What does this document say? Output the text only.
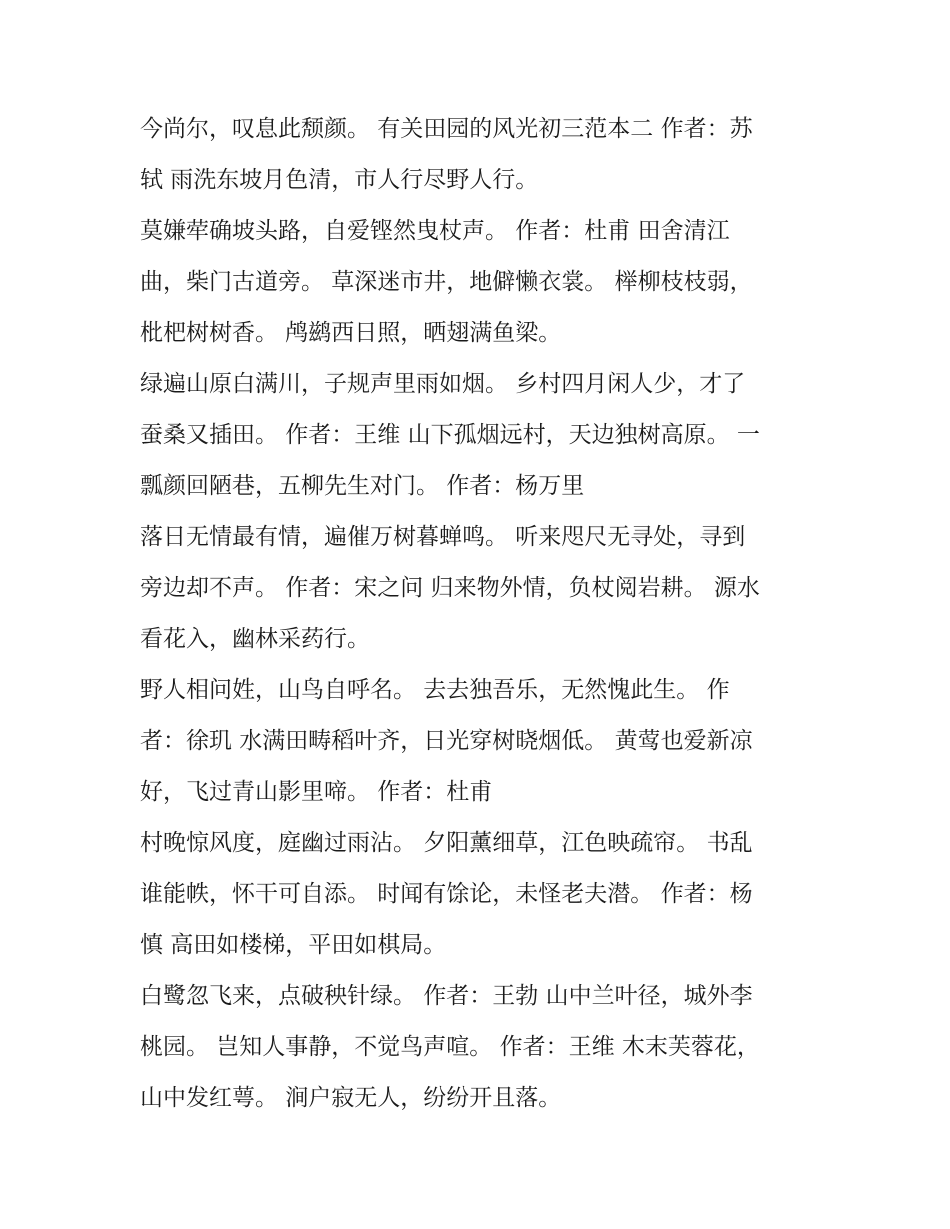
今尚尔，叹息此颓颜。 有关田园的风光初三范本二 作者：苏
轼 雨洗东坡月色清，市人行尽野人行。

莫嫌荦确坡头路，自爱铿然曳杖声。 作者：杜甫 田舍清江
曲，柴门古道旁。 草深迷市井，地僻懒衣裳。 榉柳枝枝弱，
枇杷树树香。 鸬鹚西日照，晒翅满鱼梁。

绿遍山原白满川，子规声里雨如烟。 乡村四月闲人少，才了
蚕桑又插田。 作者：王维 山下孤烟远村，天边独树高原。 一
瓢颜回陋巷，五柳先生对门。 作者：杨万里

落日无情最有情，遍催万树暮蝉鸣。 听来咫尺无寻处，寻到
旁边却不声。 作者：宋之问 归来物外情，负杖阅岩耕。 源水
看花入，幽林采药行。

野人相问姓，山鸟自呼名。 去去独吾乐，无然愧此生。 作
者：徐玑 水满田畴稻叶齐，日光穿树晓烟低。 黄莺也爱新凉
好，飞过青山影里啼。 作者：杜甫

村晚惊风度，庭幽过雨沾。 夕阳薰细草，江色映疏帘。 书乱
谁能帙，怀干可自添。 时闻有馀论，未怪老夫潜。 作者：杨
慎 高田如楼梯，平田如棋局。

白鹭忽飞来，点破秧针绿。 作者：王勃 山中兰叶径，城外李
桃园。 岂知人事静，不觉鸟声喧。 作者：王维 木末芙蓉花，
山中发红萼。 涧户寂无人，纷纷开且落。
